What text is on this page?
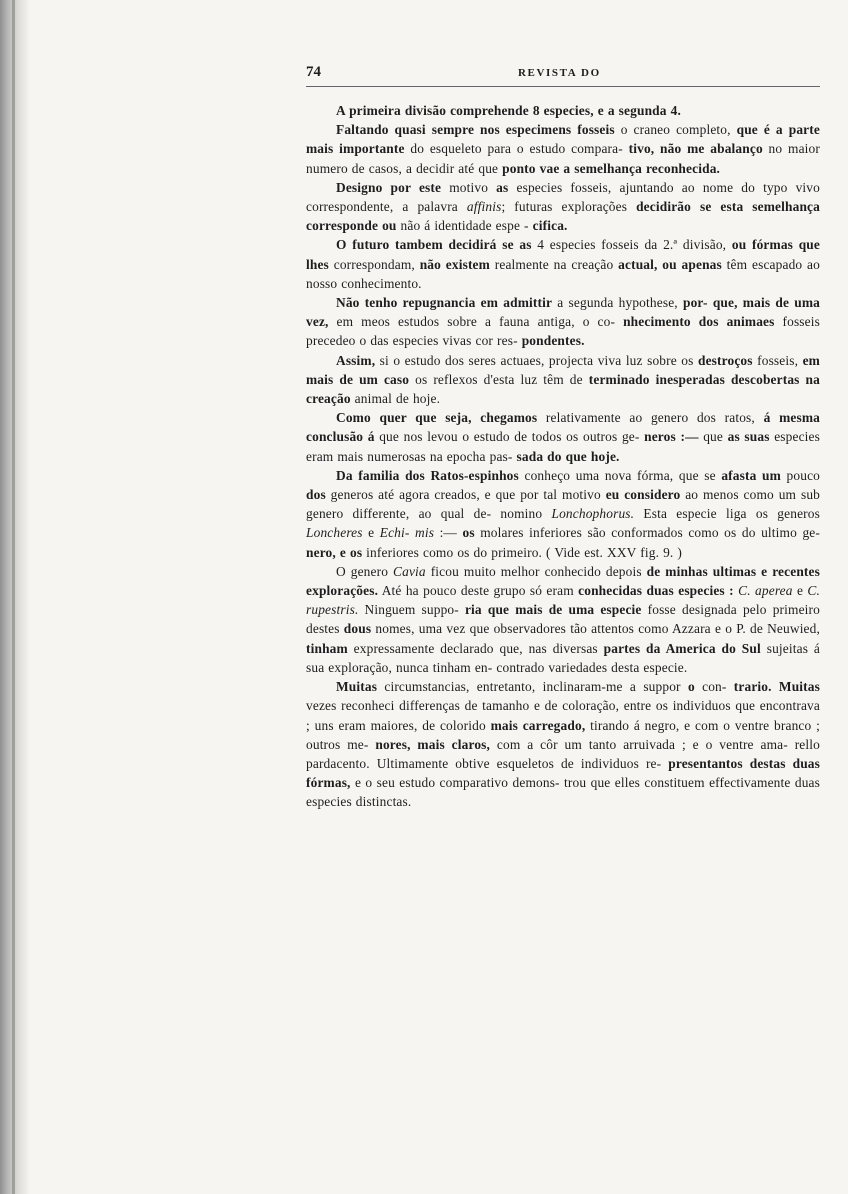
74	REVISTA DO

A primeira divisão comprehende 8 especies, e a segunda 4.

Faltando quasi sempre nos especimens fosseis o craneo completo, que é a parte mais importante do esqueleto para o estudo compara- tivo, não me abalanço no maior numero de casos, a decidir até que ponto vae a semelhança reconhecida.

Designo por este motivo as especies fosseis, ajuntando ao nome do typo vivo correspondente, a palavra affinis; futuras explorações decidirão se esta semelhança corresponde ou não á identidade espe - cifica.

O futuro tambem decidirá se as 4 especies fosseis da 2.ª divisão, ou fórmas que lhes correspondam, não existem realmente na creação actual, ou apenas têm escapado ao nosso conhecimento.

Não tenho repugnancia em admittir a segunda hypothese, por- que, mais de uma vez, em meos estudos sobre a fauna antiga, o co- nhecimento dos animaes fosseis precedeo o das especies vivas cor res- pondentes.

Assim, si o estudo dos seres actuaes, projecta viva luz sobre os destroços fosseis, em mais de um caso os reflexos d'esta luz têm de terminado inesperadas descobertas na creação animal de hoje.

Como quer que seja, chegamos relativamente ao genero dos ratos, á mesma conclusão á que nos levou o estudo de todos os outros ge- neros :— que as suas especies eram mais numerosas na epocha pas- sada do que hoje.

Da familia dos Ratos-espinhos conheço uma nova fórma, que se afasta um pouco dos generos até agora creados, e que por tal motivo eu considero ao menos como um sub genero differente, ao qual de- nomino Lonchophorus. Esta especie liga os generos Loncheres e Echi- mis :— os molares inferiores são conformados como os do ultimo ge- nero, e os inferiores como os do primeiro. ( Vide est. XXV fig. 9. )

O genero Cavia ficou muito melhor conhecido depois de minhas ultimas e recentes explorações. Até ha pouco deste grupo só eram conhecidas duas especies : C. aperea e C. rupestris. Ninguem suppo- ria que mais de uma especie fosse designada pelo primeiro destes dous nomes, uma vez que observadores tão attentos como Azzara e o P. de Neuwied, tinham expressamente declarado que, nas diversas partes da America do Sul sujeitas á sua exploração, nunca tinham en- contrado variedades desta especie.

Muitas circumstancias, entretanto, inclinaram-me a suppor o con- trario. Muitas vezes reconheci differenças de tamanho e de coloração, entre os individuos que encontrava ; uns eram maiores, de colorido mais carregado, tirando á negro, e com o ventre branco ; outros me- nores, mais claros, com a côr um tanto arruivada ; e o ventre ama- rello pardacento. Ultimamente obtive esqueletos de individuos re- presentantos destas duas fórmas, e o seu estudo comparativo demons- trou que elles constituem effectivamente duas especies distinctas.
